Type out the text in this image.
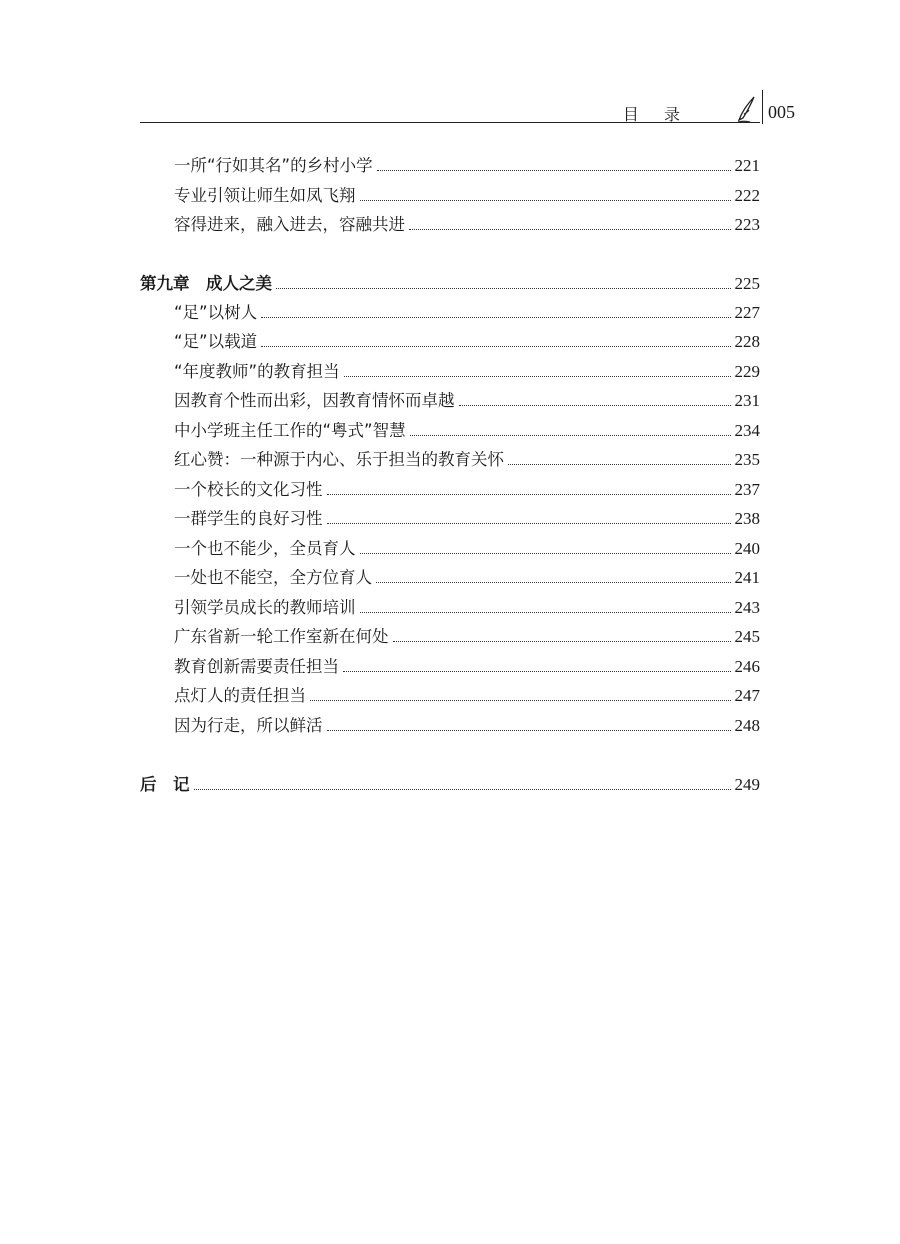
目 录	005
一所“行如其名”的乡村小学	221
专业引领让师生如凤飞翔	222
容得进来，融入进去，容融共进	223
第九章　成人之美	225
“足”以树人	227
“足”以载道	228
“年度教师”的教育担当	229
因教育个性而出彩，因教育情怀而卓越	231
中小学班主任工作的“粤式”智慧	234
红心赞：一种源于内心、乐于担当的教育关怀	235
一个校长的文化习性	237
一群学生的良好习性	238
一个也不能少，全员育人	240
一处也不能空，全方位育人	241
引领学员成长的教师培训	243
广东省新一轮工作室新在何处	245
教育创新需要责任担当	246
点灯人的责任担当	247
因为行走，所以鲜活	248
后　记	249
